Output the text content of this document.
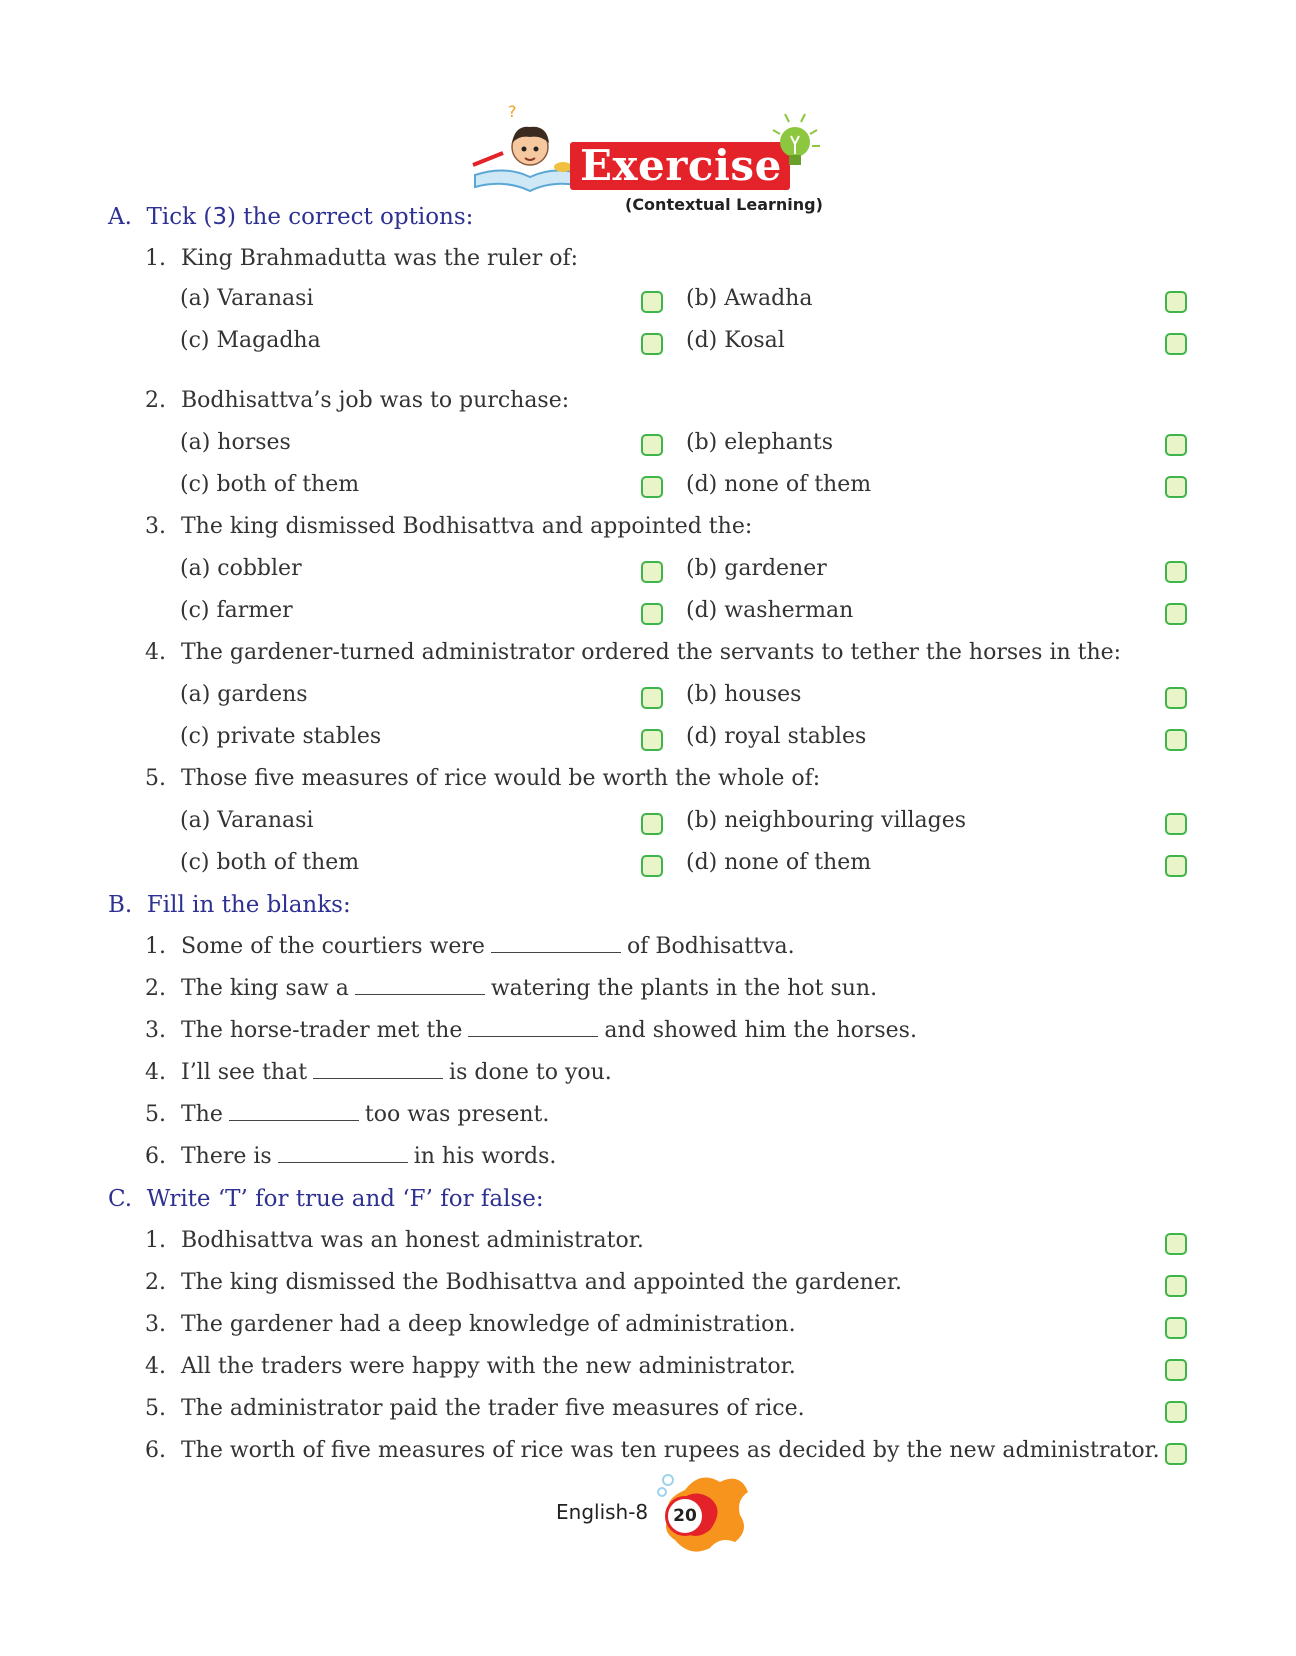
?
Exercise
(Contextual Learning)
A. Tick (3) the correct options:
1. King Brahmadutta was the ruler of:
(a) Varanasi	(b) Awadha
(c) Magadha	(d) Kosal
2. Bodhisattva’s job was to purchase:
(a) horses	(b) elephants
(c) both of them	(d) none of them
3. The king dismissed Bodhisattva and appointed the:
(a) cobbler	(b) gardener
(c) farmer	(d) washerman
4. The gardener-turned administrator ordered the servants to tether the horses in the:
(a) gardens	(b) houses
(c) private stables	(d) royal stables
5. Those five measures of rice would be worth the whole of:
(a) Varanasi	(b) neighbouring villages
(c) both of them	(d) none of them
B. Fill in the blanks:
1. Some of the courtiers were	of Bodhisattva.
2. The king saw a	watering the plants in the hot sun.
3. The horse-trader met the	and showed him the horses.
4. I’ll see that	is done to you.
5. The	too was present.
6. There is	in his words.
C. Write ‘T’ for true and ‘F’ for false:
1. Bodhisattva was an honest administrator.
2. The king dismissed the Bodhisattva and appointed the gardener.
3. The gardener had a deep knowledge of administration.
4. All the traders were happy with the new administrator.
5. The administrator paid the trader five measures of rice.
6. The worth of five measures of rice was ten rupees as decided by the new administrator.
English-8	20
